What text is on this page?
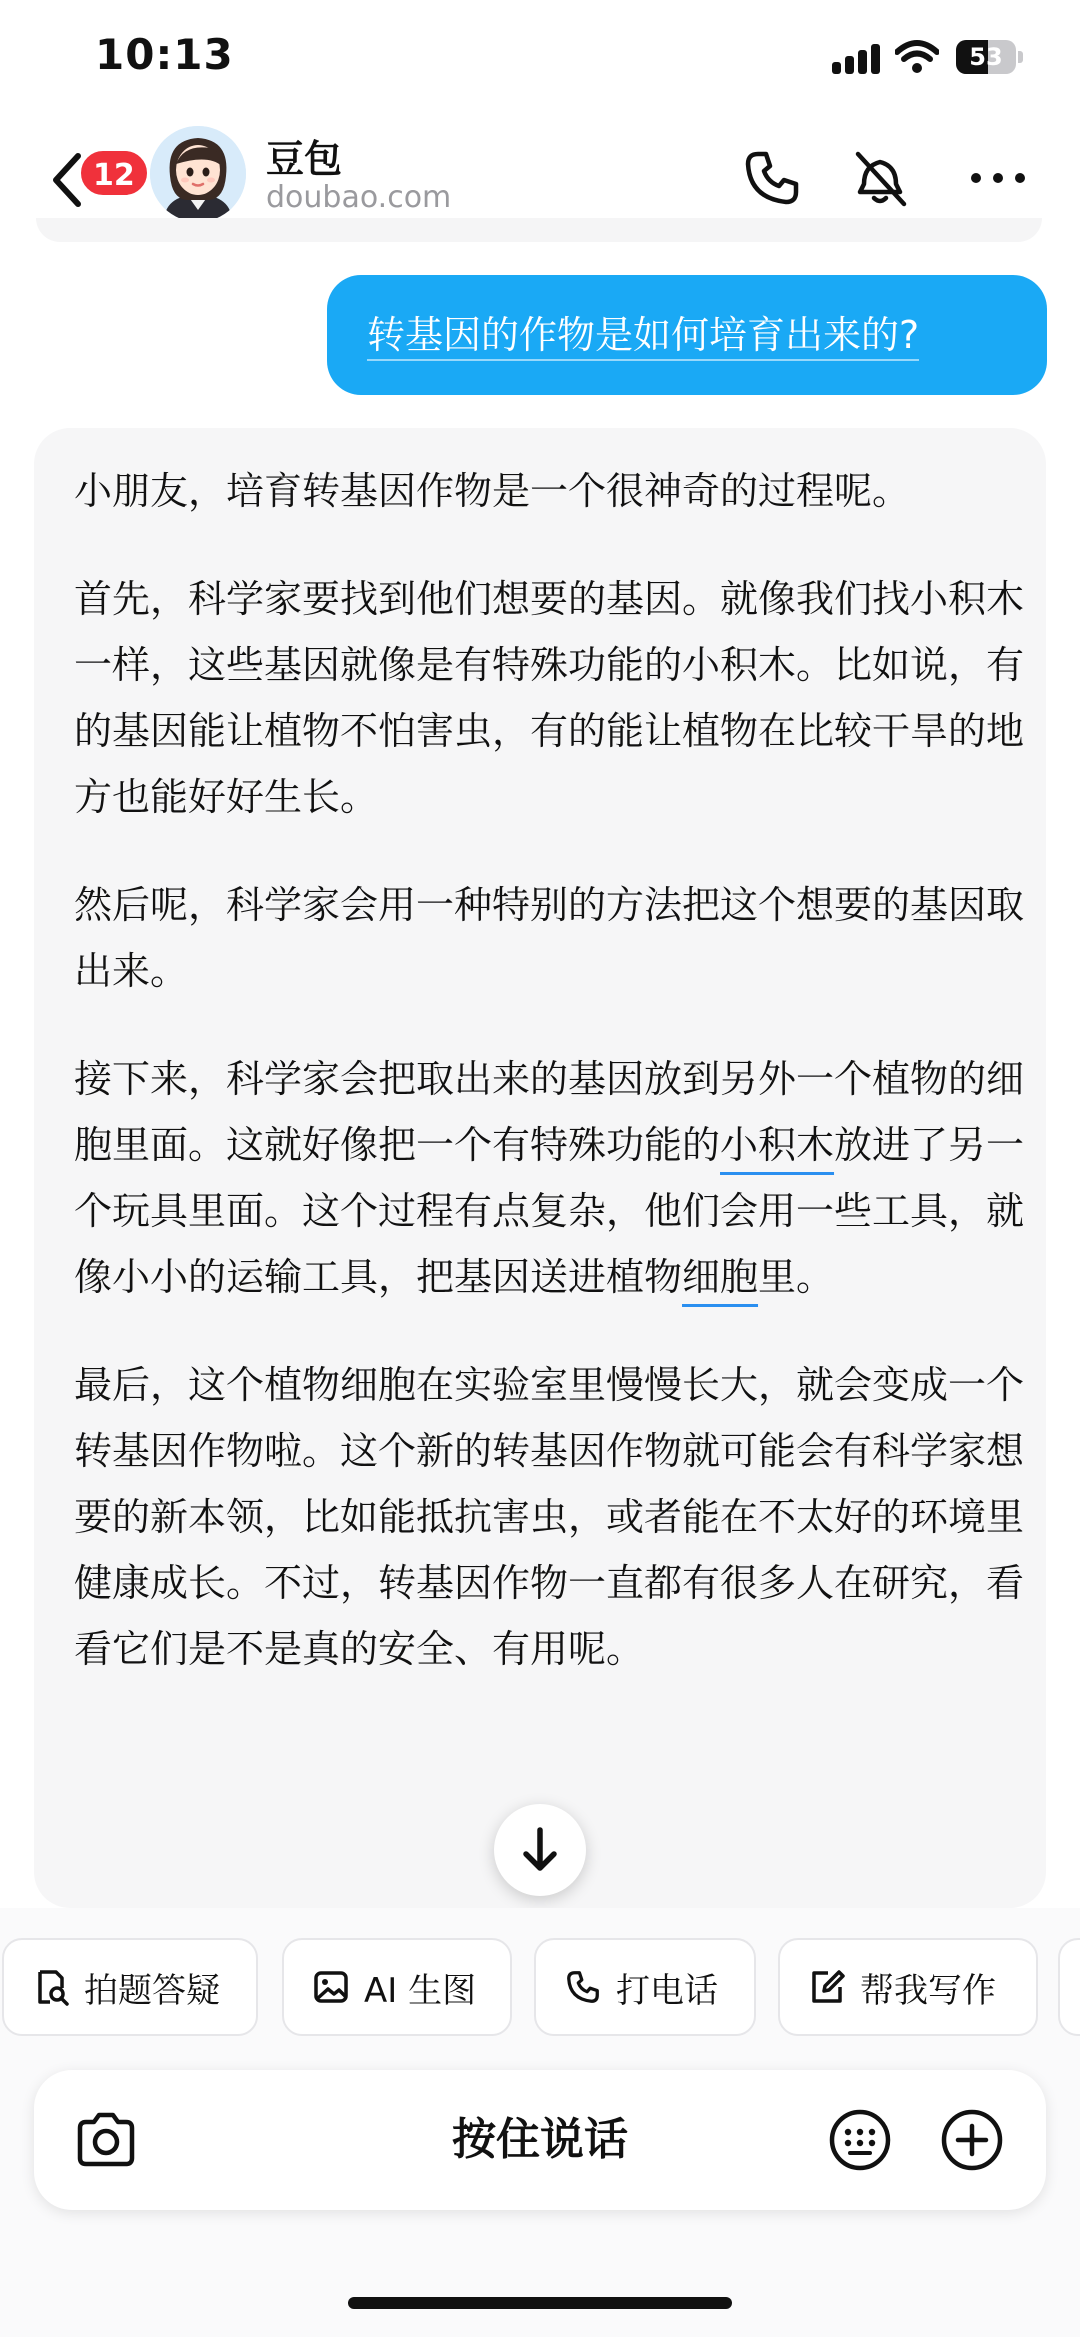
10:13	53
12	豆包
doubao.com
转基因的作物是如何培育出来的?

小朋友，培育转基因作物是一个很神奇的过程呢。

首先，科学家要找到他们想要的基因。就像我们找小积木一样，这些基因就像是有特殊功能的小积木。比如说，有的基因能让植物不怕害虫，有的能让植物在比较干旱的地方也能好好生长。

然后呢，科学家会用一种特别的方法把这个想要的基因取出来。

接下来，科学家会把取出来的基因放到另外一个植物的细胞里面。这就好像把一个有特殊功能的小积木放进了另一个玩具里面。这个过程有点复杂，他们会用一些工具，就像小小的运输工具，把基因送进植物细胞里。

最后，这个植物细胞在实验室里慢慢长大，就会变成一个转基因作物啦。这个新的转基因作物就可能会有科学家想要的新本领，比如能抵抗害虫，或者能在不太好的环境里健康成长。不过，转基因作物一直都有很多人在研究，看看它们是不是真的安全、有用呢。

拍题答疑	AI 生图	打电话	帮我写作
按住说话
